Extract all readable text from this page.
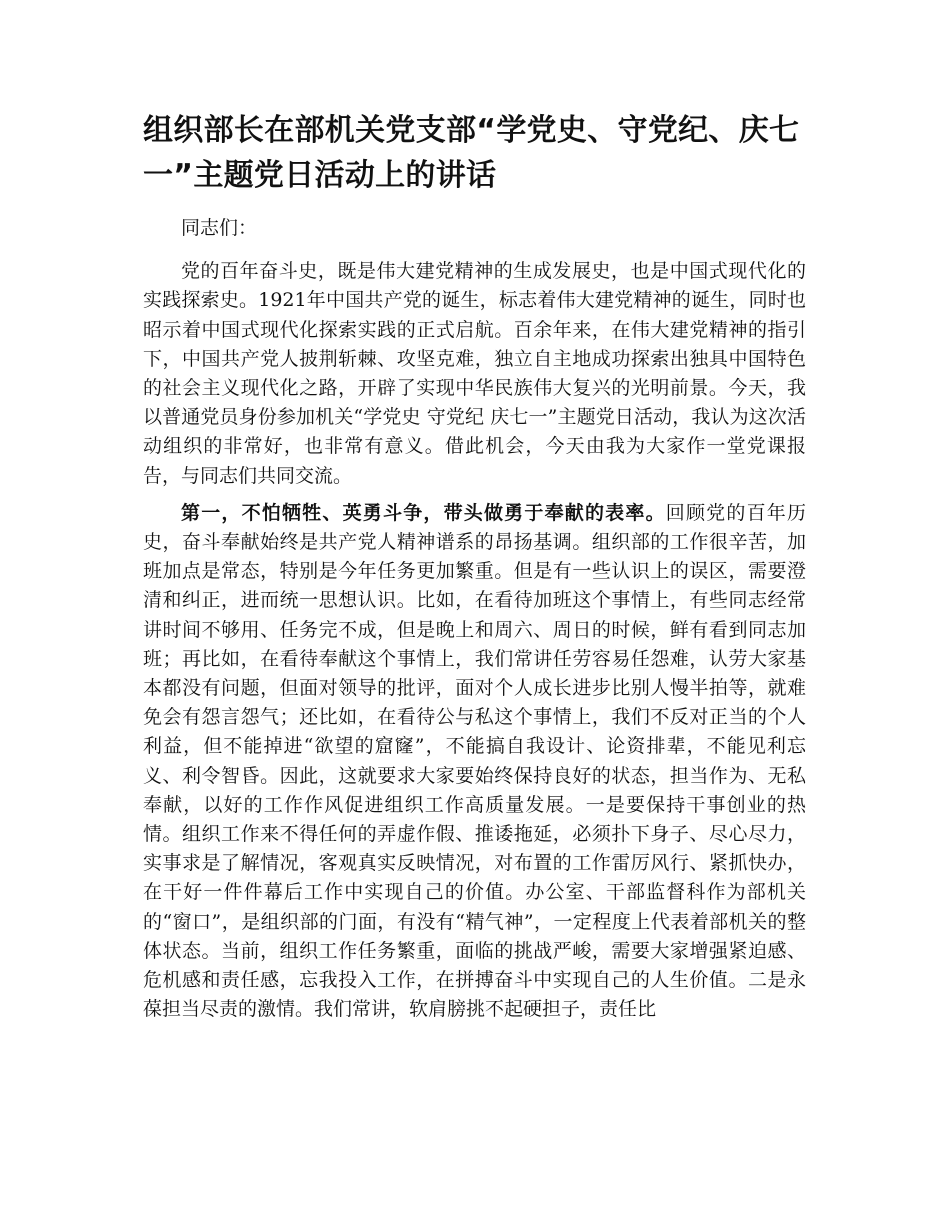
组织部长在部机关党支部“学党史、守党纪、庆七一”主题党日活动上的讲话

同志们：

党的百年奋斗史，既是伟大建党精神的生成发展史，也是中国式现代化的实践探索史。1921年中国共产党的诞生，标志着伟大建党精神的诞生，同时也昭示着中国式现代化探索实践的正式启航。百余年来，在伟大建党精神的指引下，中国共产党人披荆斩棘、攻坚克难，独立自主地成功探索出独具中国特色的社会主义现代化之路，开辟了实现中华民族伟大复兴的光明前景。今天，我以普通党员身份参加机关“学党史 守党纪 庆七一”主题党日活动，我认为这次活动组织的非常好，也非常有意义。借此机会，今天由我为大家作一堂党课报告，与同志们共同交流。

第一，不怕牺牲、英勇斗争，带头做勇于奉献的表率。回顾党的百年历史，奋斗奉献始终是共产党人精神谱系的昂扬基调。组织部的工作很辛苦，加班加点是常态，特别是今年任务更加繁重。但是有一些认识上的误区，需要澄清和纠正，进而统一思想认识。比如，在看待加班这个事情上，有些同志经常讲时间不够用、任务完不成，但是晚上和周六、周日的时候，鲜有看到同志加班；再比如，在看待奉献这个事情上，我们常讲任劳容易任怨难，认劳大家基本都没有问题，但面对领导的批评，面对个人成长进步比别人慢半拍等，就难免会有怨言怨气；还比如，在看待公与私这个事情上，我们不反对正当的个人利益，但不能掉进“欲望的窟窿”，不能搞自我设计、论资排辈，不能见利忘义、利令智昏。因此，这就要求大家要始终保持良好的状态，担当作为、无私奉献，以好的工作作风促进组织工作高质量发展。一是要保持干事创业的热情。组织工作来不得任何的弄虚作假、推诿拖延，必须扑下身子、尽心尽力，实事求是了解情况，客观真实反映情况，对布置的工作雷厉风行、紧抓快办，在干好一件件幕后工作中实现自己的价值。办公室、干部监督科作为部机关的“窗口”，是组织部的门面，有没有“精气神”，一定程度上代表着部机关的整体状态。当前，组织工作任务繁重，面临的挑战严峻，需要大家增强紧迫感、危机感和责任感，忘我投入工作，在拼搏奋斗中实现自己的人生价值。二是永葆担当尽责的激情。我们常讲，软肩膀挑不起硬担子，责任比
